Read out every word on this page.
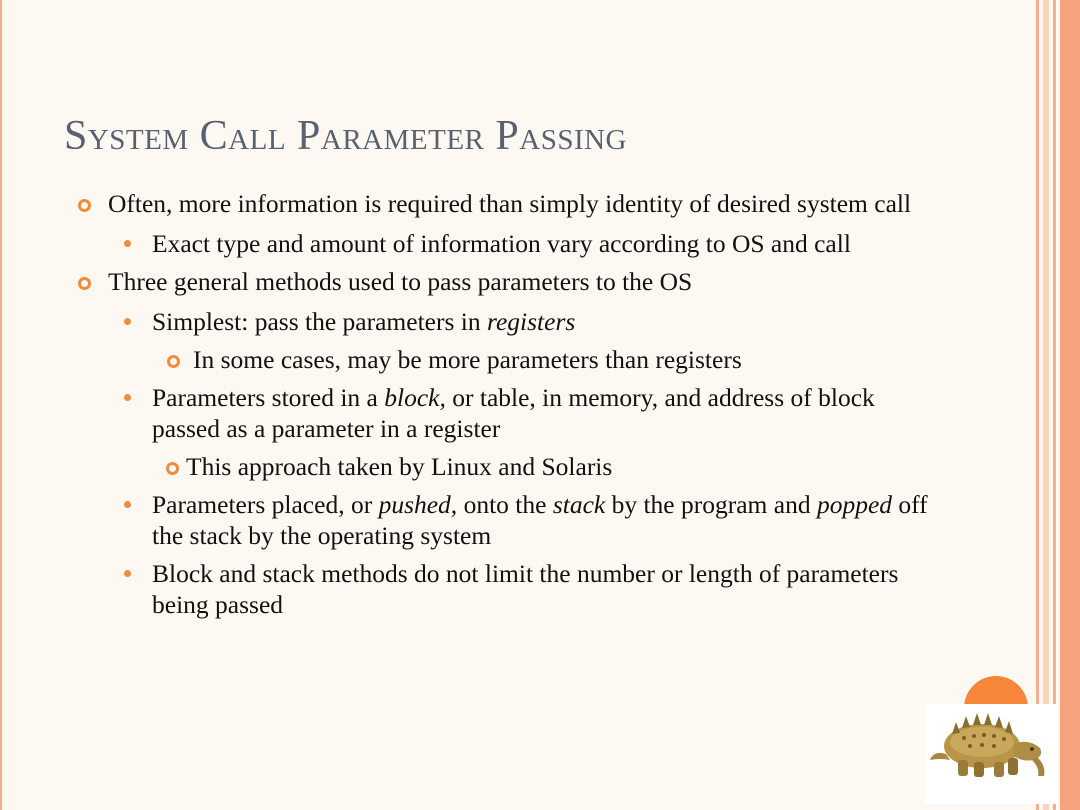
System Call Parameter Passing
Often, more information is required than simply identity of desired system call
Exact type and amount of information vary according to OS and call
Three general methods used to pass parameters to the OS
Simplest: pass the parameters in registers
In some cases, may be more parameters than registers
Parameters stored in a block, or table, in memory, and address of block passed as a parameter in a register
This approach taken by Linux and Solaris
Parameters placed, or pushed, onto the stack by the program and popped off the stack by the operating system
Block and stack methods do not limit the number or length of parameters being passed
